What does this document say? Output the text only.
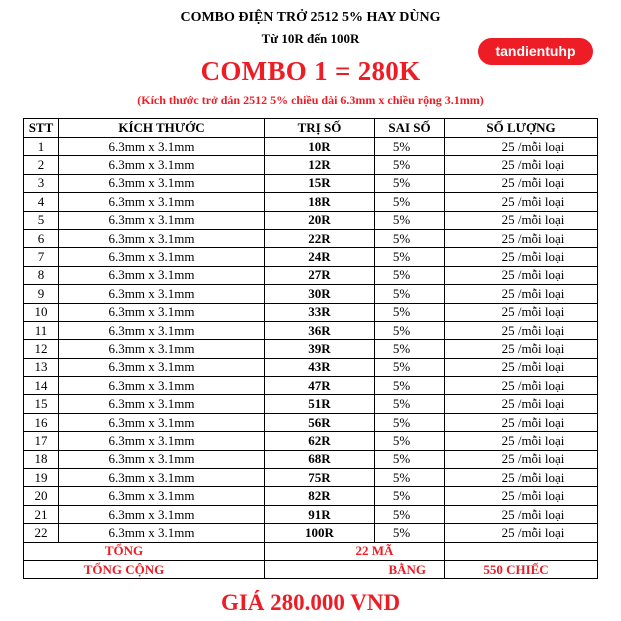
COMBO ĐIỆN TRỞ 2512 5% HAY DÙNG
Từ 10R đến 100R
tandientuhp
COMBO 1 = 280K
(Kích thước trở dán 2512 5% chiều dài 6.3mm x chiều rộng 3.1mm)
STT	KÍCH THƯỚC	TRỊ SỐ	SAI SỐ	SỐ LƯỢNG
1	6.3mm x 3.1mm	10R	5%	25 /mỗi loại
2	6.3mm x 3.1mm	12R	5%	25 /mỗi loại
3	6.3mm x 3.1mm	15R	5%	25 /mỗi loại
4	6.3mm x 3.1mm	18R	5%	25 /mỗi loại
5	6.3mm x 3.1mm	20R	5%	25 /mỗi loại
6	6.3mm x 3.1mm	22R	5%	25 /mỗi loại
7	6.3mm x 3.1mm	24R	5%	25 /mỗi loại
8	6.3mm x 3.1mm	27R	5%	25 /mỗi loại
9	6.3mm x 3.1mm	30R	5%	25 /mỗi loại
10	6.3mm x 3.1mm	33R	5%	25 /mỗi loại
11	6.3mm x 3.1mm	36R	5%	25 /mỗi loại
12	6.3mm x 3.1mm	39R	5%	25 /mỗi loại
13	6.3mm x 3.1mm	43R	5%	25 /mỗi loại
14	6.3mm x 3.1mm	47R	5%	25 /mỗi loại
15	6.3mm x 3.1mm	51R	5%	25 /mỗi loại
16	6.3mm x 3.1mm	56R	5%	25 /mỗi loại
17	6.3mm x 3.1mm	62R	5%	25 /mỗi loại
18	6.3mm x 3.1mm	68R	5%	25 /mỗi loại
19	6.3mm x 3.1mm	75R	5%	25 /mỗi loại
20	6.3mm x 3.1mm	82R	5%	25 /mỗi loại
21	6.3mm x 3.1mm	91R	5%	25 /mỗi loại
22	6.3mm x 3.1mm	100R	5%	25 /mỗi loại
TỔNG		22 MÃ		
TỔNG CỘNG		BẰNG		550 CHIẾC
GIÁ 280.000 VND
